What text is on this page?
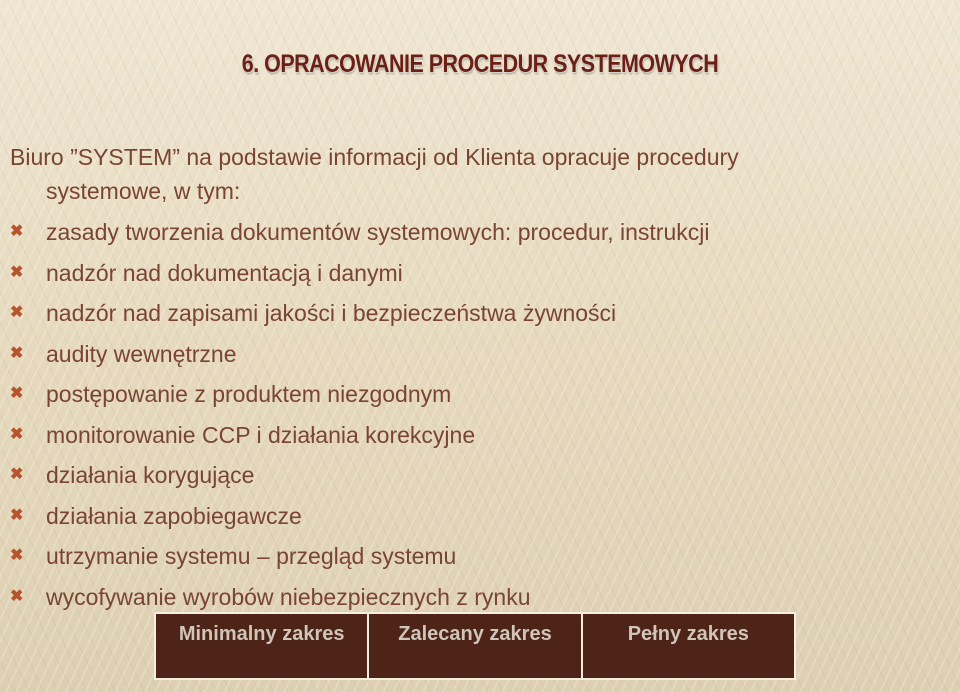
6. OPRACOWANIE PROCEDUR SYSTEMOWYCH
Biuro ”SYSTEM” na podstawie informacji od Klienta opracuje procedury
systemowe, w tym:
✖ zasady tworzenia dokumentów systemowych: procedur, instrukcji
✖ nadzór nad dokumentacją i danymi
✖ nadzór nad zapisami jakości i bezpieczeństwa żywności
✖ audity wewnętrzne
✖ postępowanie z produktem niezgodnym
✖ monitorowanie CCP i działania korekcyjne
✖ działania korygujące
✖ działania zapobiegawcze
✖ utrzymanie systemu – przegląd systemu
✖ wycofywanie wyrobów niebezpiecznych z rynku
Minimalny zakres	Zalecany zakres	Pełny zakres
